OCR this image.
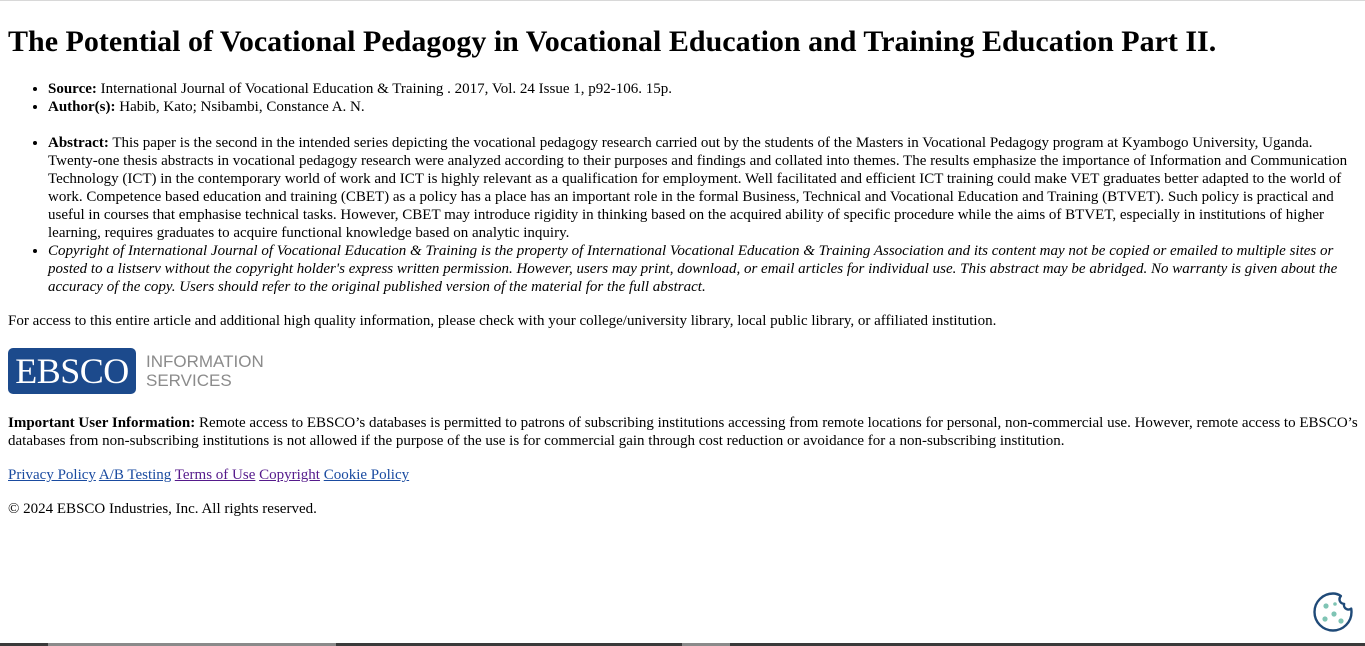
The Potential of Vocational Pedagogy in Vocational Education and Training Education Part II.
• Source: International Journal of Vocational Education & Training . 2017, Vol. 24 Issue 1, p92-106. 15p.
• Author(s): Habib, Kato; Nsibambi, Constance A. N.
• Abstract: This paper is the second in the intended series depicting the vocational pedagogy research carried out by the students of the Masters in Vocational Pedagogy program at Kyambogo University, Uganda. Twenty-one thesis abstracts in vocational pedagogy research were analyzed according to their purposes and findings and collated into themes. The results emphasize the importance of Information and Communication Technology (ICT) in the contemporary world of work and ICT is highly relevant as a qualification for employment. Well facilitated and efficient ICT training could make VET graduates better adapted to the world of work. Competence based education and training (CBET) as a policy has a place has an important role in the formal Business, Technical and Vocational Education and Training (BTVET). Such policy is practical and useful in courses that emphasise technical tasks. However, CBET may introduce rigidity in thinking based on the acquired ability of specific procedure while the aims of BTVET, especially in institutions of higher learning, requires graduates to acquire functional knowledge based on analytic inquiry.
• Copyright of International Journal of Vocational Education & Training is the property of International Vocational Education & Training Association and its content may not be copied or emailed to multiple sites or posted to a listserv without the copyright holder's express written permission. However, users may print, download, or email articles for individual use. This abstract may be abridged. No warranty is given about the accuracy of the copy. Users should refer to the original published version of the material for the full abstract.

For access to this entire article and additional high quality information, please check with your college/university library, local public library, or affiliated institution.

EBSCO	INFORMATION
SERVICES

Important User Information: Remote access to EBSCO’s databases is permitted to patrons of subscribing institutions accessing from remote locations for personal, non-commercial use. However, remote access to EBSCO’s databases from non-subscribing institutions is not allowed if the purpose of the use is for commercial gain through cost reduction or avoidance for a non-subscribing institution.

Privacy Policy A/B Testing Terms of Use Copyright Cookie Policy

© 2024 EBSCO Industries, Inc. All rights reserved.
